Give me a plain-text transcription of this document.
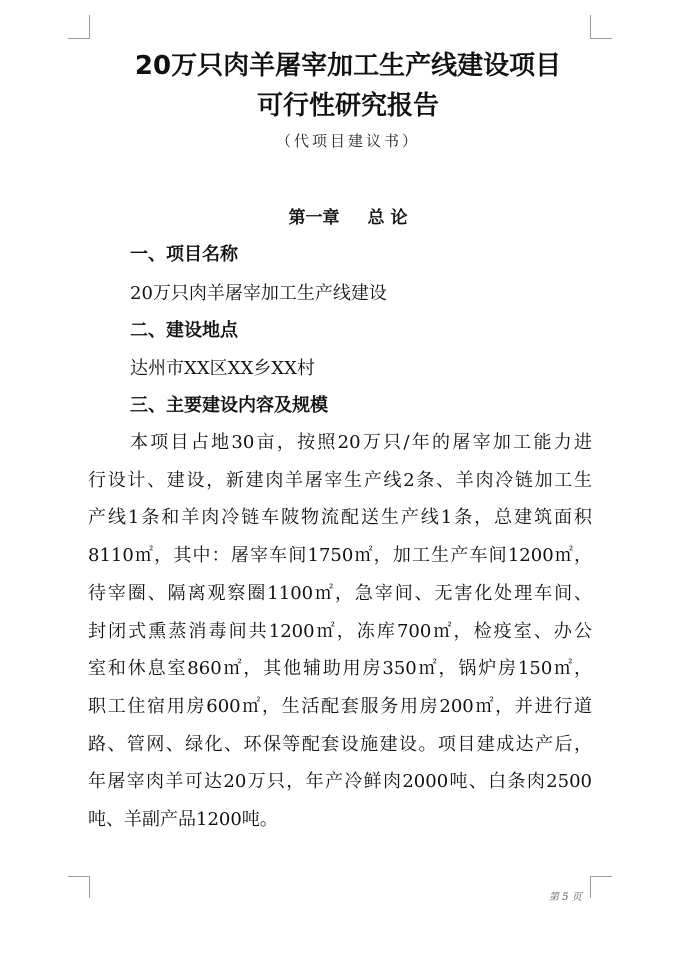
20万只肉羊屠宰加工生产线建设项目
可行性研究报告
（代项目建议书）
第一章 总 论
一、项目名称
20万只肉羊屠宰加工生产线建设
二、建设地点
达州市XX区XX乡XX村
三、主要建设内容及规模
本项目占地30亩，按照20万只/年的屠宰加工能力进
行设计、建设，新建肉羊屠宰生产线2条、羊肉冷链加工生
产线1条和羊肉冷链车陂物流配送生产线1条，总建筑面积
8110㎡，其中：屠宰车间1750㎡，加工生产车间1200㎡，
待宰圈、隔离观察圈1100㎡，急宰间、无害化处理车间、
封闭式熏蒸消毒间共1200㎡，冻库700㎡，检疫室、办公
室和休息室860㎡，其他辅助用房350㎡，锅炉房150㎡，
职工住宿用房600㎡，生活配套服务用房200㎡，并进行道
路、管网、绿化、环保等配套设施建设。项目建成达产后，
年屠宰肉羊可达20万只，年产冷鲜肉2000吨、白条肉2500
吨、羊副产品1200吨。
第 5 页
